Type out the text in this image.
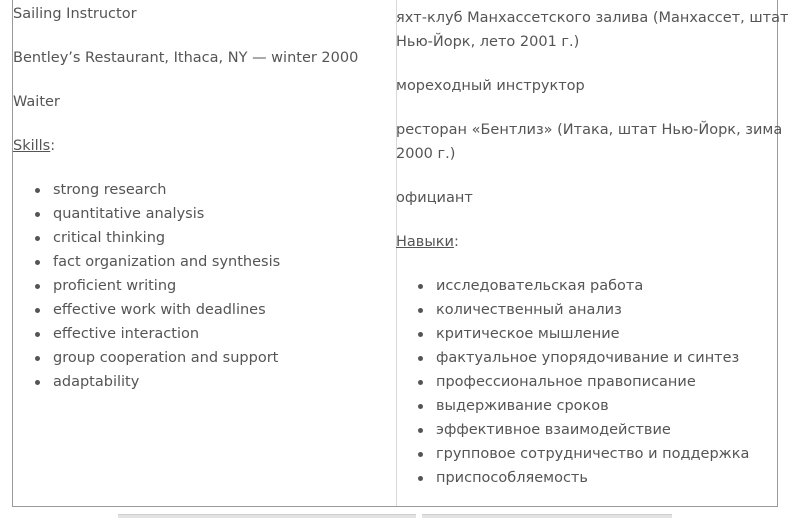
Sailing Instructor
Bentley’s Restaurant, Ithaca, NY — winter 2000
Waiter
Skills:
strong research
quantitative analysis
critical thinking
fact organization and synthesis
proficient writing
effective work with deadlines
effective interaction
group cooperation and support
adaptability
яхт-клуб Манхассетского залива (Манхассет, штат
Нью-Йорк, лето 2001 г.)
мореходный инструктор
ресторан «Бентлиз» (Итака, штат Нью-Йорк, зима
2000 г.)
официант
Навыки:
исследовательская работа
количественный анализ
критическое мышление
фактуальное упорядочивание и синтез
профессиональное правописание
выдерживание сроков
эффективное взаимодействие
групповое сотрудничество и поддержка
приспособляемость
